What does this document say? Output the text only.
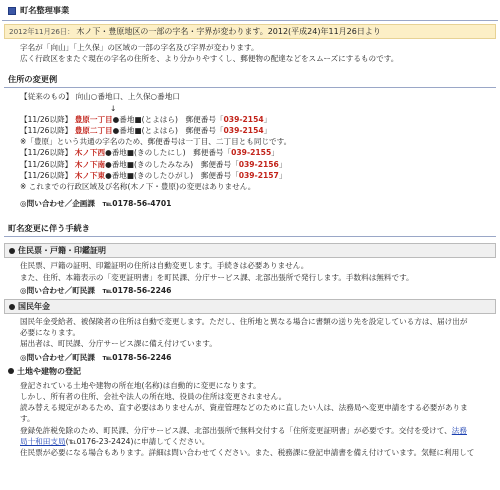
町名整理事業
2012年11月26日： 木ノ下・豊原地区の一部の字名・字界が変わります。2012(平成24)年11月26日より
字名が「向山」「上久保」の区域の一部の字名及び字界が変わります。
広く行政区をまたぐ現在の字名の住所を、より分かりやすくし、郵便物の配達などをスムーズにするものです。
住所の変更例
【従来のもの】 向山○番地口、上久保○番地口
↓
【11/26以降】 豊原一丁目●番地■(とよはら)　郵便番号「039-2154」
【11/26以降】 豊原二丁目●番地■(とよはら)　郵便番号「039-2154」
※「豊原」という共通の字名のため、郵便番号は一丁目、二丁目とも同じです。
【11/26以降】 木ノ下西●番地■(きのしたにし)　郵便番号「039-2155」
【11/26以降】 木ノ下南●番地■(きのしたみなみ)　郵便番号「039-2156」
【11/26以降】 木ノ下東●番地■(きのしたひがし)　郵便番号「039-2157」
※ これまでの行政区域及び名称(木ノ下・豊原)の変更はありません。
◎問い合わせ／企画課　℡0178-56-4701
町名変更に伴う手続き
住民票・戸籍・印鑑証明
住民票、戸籍の証明、印鑑証明の住所は自動変更します。手続きは必要ありません。
また、住所、本籍表示の「変更証明書」を町民課、分庁サービス課、北部出張所で発行します。手数料は無料です。
◎問い合わせ／町民課　℡0178-56-2246
国民年金
国民年金受給者、被保険者の住所は自動で変更します。ただし、住所地と異なる場合に書類の送り先を設定している方は、届け出が
必要になります。
届出者は、町民課、分庁サービス課に備え付けています。
◎問い合わせ／町民課　℡0178-56-2246
土地や建物の登記
登記されている土地や建物の所在地(名称)は自動的に変更になります。
しかし、所有者の住所、会社や法人の所在地、役員の住所は変更されません。
読み替える規定があるため、直す必要はありませんが、資産管理などのために直したい人は、法務局へ変更申請をする必要がありま
す。
登録免許税免除のため、町民課、分庁サービス課、北部出張所で無料交付する「住所変更証明書」が必要です。交付を受けて、法務
局十和田支局(℡0176-23-2424)に申請してください。
住民票が必要になる場合もあります。詳細は問い合わせてください。また、税務課に登記申請書を備え付けています。気軽に利用して
